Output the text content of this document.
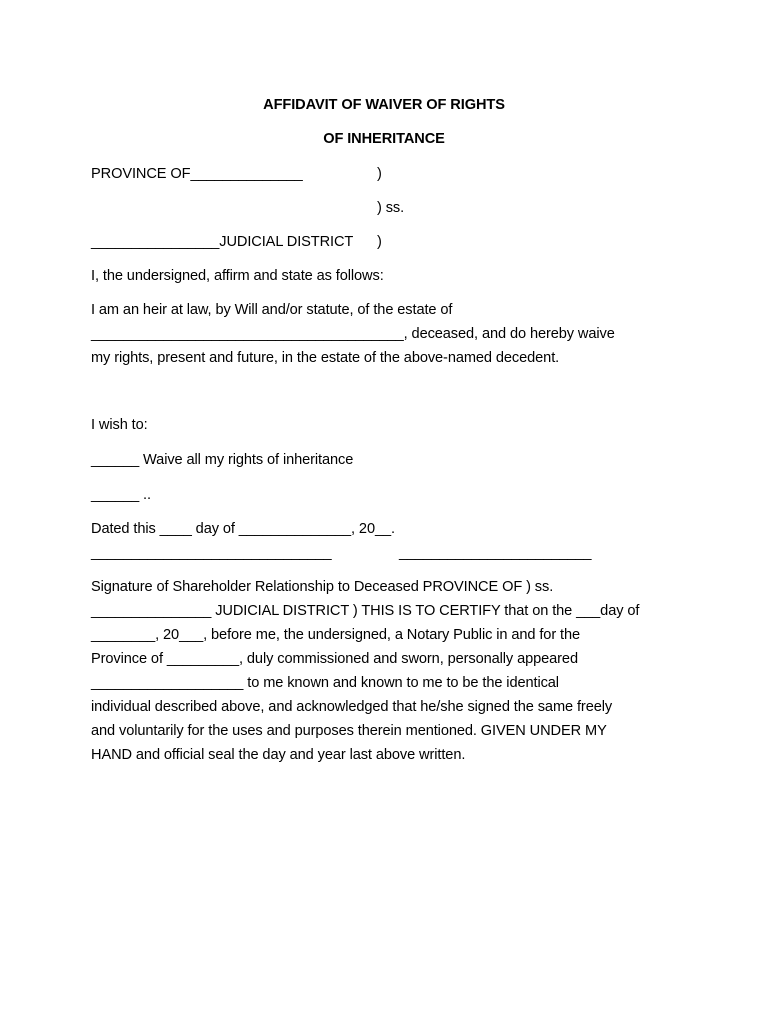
AFFIDAVIT OF WAIVER OF RIGHTS
OF INHERITANCE
PROVINCE OF______________	)
) ss.
________________JUDICIAL DISTRICT )
I, the undersigned, affirm and state as follows:
I am an heir at law, by Will and/or statute, of the estate of
_______________________________________, deceased, and do hereby waive
my rights, present and future, in the estate of the above-named decedent.
I wish to:
______ Waive all my rights of inheritance
______ ..
Dated this ____ day of ______________, 20__.
______________________________	________________________
Signature of Shareholder Relationship to Deceased PROVINCE OF ) ss.
_______________ JUDICIAL DISTRICT ) THIS IS TO CERTIFY that on the ___day of
________, 20___, before me, the undersigned, a Notary Public in and for the
Province of _________, duly commissioned and sworn, personally appeared
___________________ to me known and known to me to be the identical
individual described above, and acknowledged that he/she signed the same freely
and voluntarily for the uses and purposes therein mentioned. GIVEN UNDER MY
HAND and official seal the day and year last above written.
